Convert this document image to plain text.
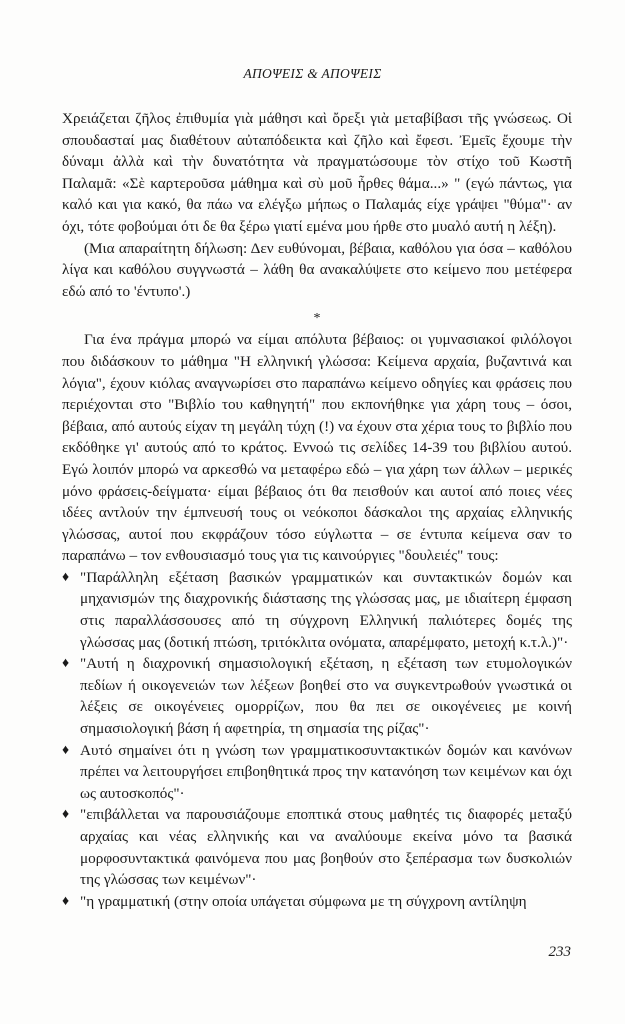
ΑΠΟΨΕΙΣ & ΑΠΟΨΕΙΣ

Χρειάζεται ζῆλος ἐπιθυμία γιὰ μάθησι καὶ ὄρεξι γιὰ μεταβίβασι τῆς γνώσεως. Οἱ σπουδασταί μας διαθέτουν αὐταπόδεικτα καὶ ζῆλο καὶ ἔφεσι. Ἐμεῖς ἔχουμε τὴν δύναμι ἀλλὰ καὶ τὴν δυνατότητα νὰ πραγματώσουμε τὸν στίχο τοῦ Κωστῆ Παλαμᾶ: «Σὲ καρτεροῦσα μάθημα καὶ σὺ μοῦ ἦρθες θάμα...» " (εγώ πάντως, για καλό και για κακό, θα πάω να ελέγξω μήπως ο Παλαμάς είχε γράψει "θύμα"· αν όχι, τότε φοβούμαι ότι δε θα ξέρω γιατί εμένα μου ήρθε στο μυαλό αυτή η λέξη).

(Μια απαραίτητη δήλωση: Δεν ευθύνομαι, βέβαια, καθόλου για όσα – καθόλου λίγα και καθόλου συγγνωστά – λάθη θα ανακαλύψετε στο κείμενο που μετέφερα εδώ από το 'έντυπο'.)

*

Για ένα πράγμα μπορώ να είμαι απόλυτα βέβαιος: οι γυμνασιακοί φιλόλογοι που διδάσκουν το μάθημα "Η ελληνική γλώσσα: Κείμενα αρχαία, βυζαντινά και λόγια", έχουν κιόλας αναγνωρίσει στο παραπάνω κείμενο οδηγίες και φράσεις που περιέχονται στο "Βιβλίο του καθηγητή" που εκπονήθηκε για χάρη τους – όσοι, βέβαια, από αυτούς είχαν τη μεγάλη τύχη (!) να έχουν στα χέρια τους το βιβλίο που εκδόθηκε γι' αυτούς από το κράτος. Εννοώ τις σελίδες 14-39 του βιβλίου αυτού. Εγώ λοιπόν μπορώ να αρκεσθώ να μεταφέρω εδώ – για χάρη των άλλων – μερικές μόνο φράσεις-δείγματα· είμαι βέβαιος ότι θα πεισθούν και αυτοί από ποιες νέες ιδέες αντλούν την έμπνευσή τους οι νεόκοποι δάσκαλοι της αρχαίας ελληνικής γλώσσας, αυτοί που εκφράζουν τόσο εύγλωττα – σε έντυπα κείμενα σαν το παραπάνω – τον ενθουσιασμό τους για τις καινούργιες "δουλειές" τους:

♦ "Παράλληλη εξέταση βασικών γραμματικών και συντακτικών δομών και μηχανισμών της διαχρονικής διάστασης της γλώσσας μας, με ιδιαίτερη έμφαση στις παραλλάσσουσες από τη σύγχρονη Ελληνική παλιότερες δομές της γλώσσας μας (δοτική πτώση, τριτόκλιτα ονόματα, απαρέμφατο, μετοχή κ.τ.λ.)"·
♦ "Αυτή η διαχρονική σημασιολογική εξέταση, η εξέταση των ετυμολογικών πεδίων ή οικογενειών των λέξεων βοηθεί στο να συγκεντρωθούν γνωστικά οι λέξεις σε οικογένειες ομορρίζων, που θα πει σε οικογένειες με κοινή σημασιολογική βάση ή αφετηρία, τη σημασία της ρίζας"·
♦ Αυτό σημαίνει ότι η γνώση των γραμματικοσυντακτικών δομών και κανόνων πρέπει να λειτουργήσει επιβοηθητικά προς την κατανόηση των κειμένων και όχι ως αυτοσκοπός"·
♦ "επιβάλλεται να παρουσιάζουμε εποπτικά στους μαθητές τις διαφορές μεταξύ αρχαίας και νέας ελληνικής και να αναλύουμε εκείνα μόνο τα βασικά μορφοσυντακτικά φαινόμενα που μας βοηθούν στο ξεπέρασμα των δυσκολιών της γλώσσας των κειμένων"·
♦ "η γραμματική (στην οποία υπάγεται σύμφωνα με τη σύγχρονη αντίληψη
233
